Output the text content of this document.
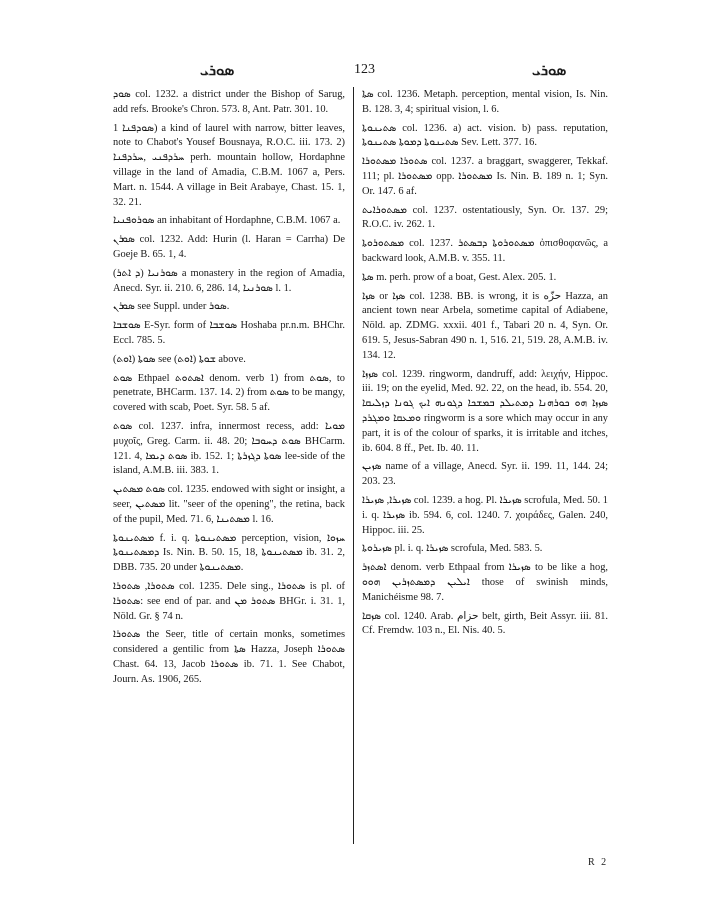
ܣܘܪܝ	123	ܣܘܪܝ

ܣܘܕ col. 1232. a district under the Bishop of Sarug, add refs. Brooke's Chron. 573. 8, Ant. Patr. 301. 10.

ܣܘܕܦܢܐ 1) a kind of laurel with narrow, bitter leaves, note to Chabot's Yousef Bousnaya, R.O.C. iii. 173. 2) ܚܪܕܦܢܝ ,ܚܪܕܦܢܐ perh. mountain hollow, Hordaphne village in the land of Amadia, C.B.M. 1067 a, Pers. Mart. n. 1544. A village in Beit Arabaye, Chast. 15. 1, 32. 21.

ܣܘܪܘܦܢܝܐ an inhabitant of Hordaphne, C.B.M. 1067 a.

ܣܘܪܢ col. 1232. Add: Hurin (l. Haran = Carrha) De Goeje B. 65. 1, 4.

ܣܘܪܢܝܐ (ܕ ܐܬܪ) a monastery in the region of Amadia, Anecd. Syr. ii. 210. 6, 286. 14, ܣܘܪܢܝܐ l. 1.

ܣܘܪܢ see Suppl. under ܣܘܪ.

ܣܘܫܒܐ E-Syr. form of ܣܘܫܒܐ Hoshaba pr.n.m. BHChr. Eccl. 785. 5.

ܣܘܬܐ (ܐܘܬ) see ܫܘܬܐ (ܐܘܬ) above.

ܣܘܬ Ethpael ܐܣܬܘܬ denom. verb 1) from ܣܘܬ, to penetrate, BHCarm. 137. 14. 2) from ܣܘܬ to be mangy, covered with scab, Poet. Syr. 58. 5 af.

ܣܘܬ col. 1237. infra, innermost recess, add: ܡܘܝܐ μυχοῖς, Greg. Carm. ii. 48. 20; ܣܘܬ ܕܚܘܒܐ BHCarm. 121. 4, ܣܘܬ ܕܝܡܐ ib. 152. 1; ܣܘܬܐ ܕܓܙܪܬܐ lee-side of the island, A.M.B. iii. 383. 1.

ܣܘܬ ܡܣܬܝܢ col. 1235. endowed with sight or insight, a seer, ܡܣܬܝܢ lit. "seer of the opening", the retina, back of the pupil, Med. 71. 6, ܡܣܬܝܢܐ l. 16.

ܡܣܬܝܢܘܬܐ f. i. q. ܡܣܬܝܢܘܬܐ perception, vision, ܚܙܘܐ ܕܡܣܬܝܢܘܬܐ Is. Nin. B. 50. 15, 18, ܡܣܬܝܢܘܬܐ ib. 31. 2, DBB. 735. 20 under ܡܣܬܝܢܘܬܐ.

ܣܬܘܪܐ, ܣܬܘܪܐ col. 1235. Dele sing., ܣܬܘܪܐ is pl. of ܣܬܘܪܐ: see end of par. and ܣܬܘܪ ܡܢ BHGr. i. 31. 1, Nöld. Gr. § 74 n.

ܣܬܘܪܐ the Seer, title of certain monks, sometimes considered a gentilic from ܣܬܐ Hazza, Joseph ܣܬܘܪܐ Chast. 64. 13, Jacob ܣܬܘܪܐ ib. 71. 1. See Chabot, Journ. As. 1906, 265.

ܣܬܐ col. 1236. Metaph. perception, mental vision, Is. Nin. B. 128. 3, 4; spiritual vision, l. 6.

ܣܬܝܢܘܬܐ col. 1236. a) act. vision. b) pass. reputation, ܣܬܝܢܘܬܐ ܕܡܘܬܐ ܣܬܝܢܘܬܐ Sev. Lett. 377. 16.

ܣܬܘܪܐ ܡܣܬܘܪܐ col. 1237. a braggart, swaggerer, Tekkaf. 111; pl. ܡܣܬܘܪܐ opp. ܡܣܬܘܪܐ Is. Nin. B. 189 n. 1; Syn. Or. 147. 6 af.

ܡܣܬܘܪܐܝܬ col. 1237. ostentatiously, Syn. Or. 137. 29; R.O.C. iv. 262. 1.

ܡܣܬܘܪܘܬܐ col. 1237. ܡܣܬܘܪܘܬܐ ܕܒܣܬܪ ὀπισθοφανῶς, a backward look, A.M.B. v. 355. 11.

ܣܬܐ m. perh. prow of a boat, Gest. Alex. 205. 1.

ܣܙܐ or ܣܙܐ col. 1238. BB. is wrong, it is حزّه Hazza, an ancient town near Arbela, sometime capital of Adiabene, Nöld. ap. ZDMG. xxxii. 401 f., Tabari 20 n. 4, Syn. Or. 619. 5, Jesus-Sabran 490 n. 1, 516. 21, 519. 28, A.M.B. iv. 134. 12.

ܣܙܙܐ col. 1239. ringworm, dandruff, add: λειχήν, Hippoc. iii. 19; on the eyelid, Med. 92. 22, on the head, ib. 554. 20, ܣܙܙܐ ܗܘ ܟܘܪܗܢܐ ܕܡܬܝܠܕ ܒܡܫܟܐ ܕܓܘܢܗ ܐܝܟ ܓܘܢܐ ܕܙܠܝܩܐ ܘܡܥܩܐ ܘܡܓܪܕ ringworm is a sore which may occur in any part, it is of the colour of sparks, it is irritable and itches, ib. 604. 8 ff., Pet. Ib. 40. 11.

ܣܙܝܢ name of a village, Anecd. Syr. ii. 199. 11, 144. 24; 203. 23.

ܣܙܝܪܐ, ܣܙܝܪܐ col. 1239. a hog. Pl. ܣܙܝܪܐ scrofula, Med. 50. 1 i. q. ܣܙܝܪܐ ib. 594. 6, col. 1240. 7. χοιράδες, Galen. 240, Hippoc. iii. 25.

ܣܙܝܪܘܬܐ pl. i. q. ܣܙܝܪܐ scrofula, Med. 583. 5.

ܐܣܬܙܪ denom. verb Ethpaal from ܣܙܝܪܐ to be like a hog, ܐܝܠܝܢ ܕܡܣܬܙܪܝܢ ܗܘܘ those of swinish minds, Manichéisme 98. 7.

ܣܙܩܐ col. 1240. Arab. حزام belt, girth, Beit Assyr. iii. 81. Cf. Fremdw. 103 n., El. Nis. 40. 5.

R 2
